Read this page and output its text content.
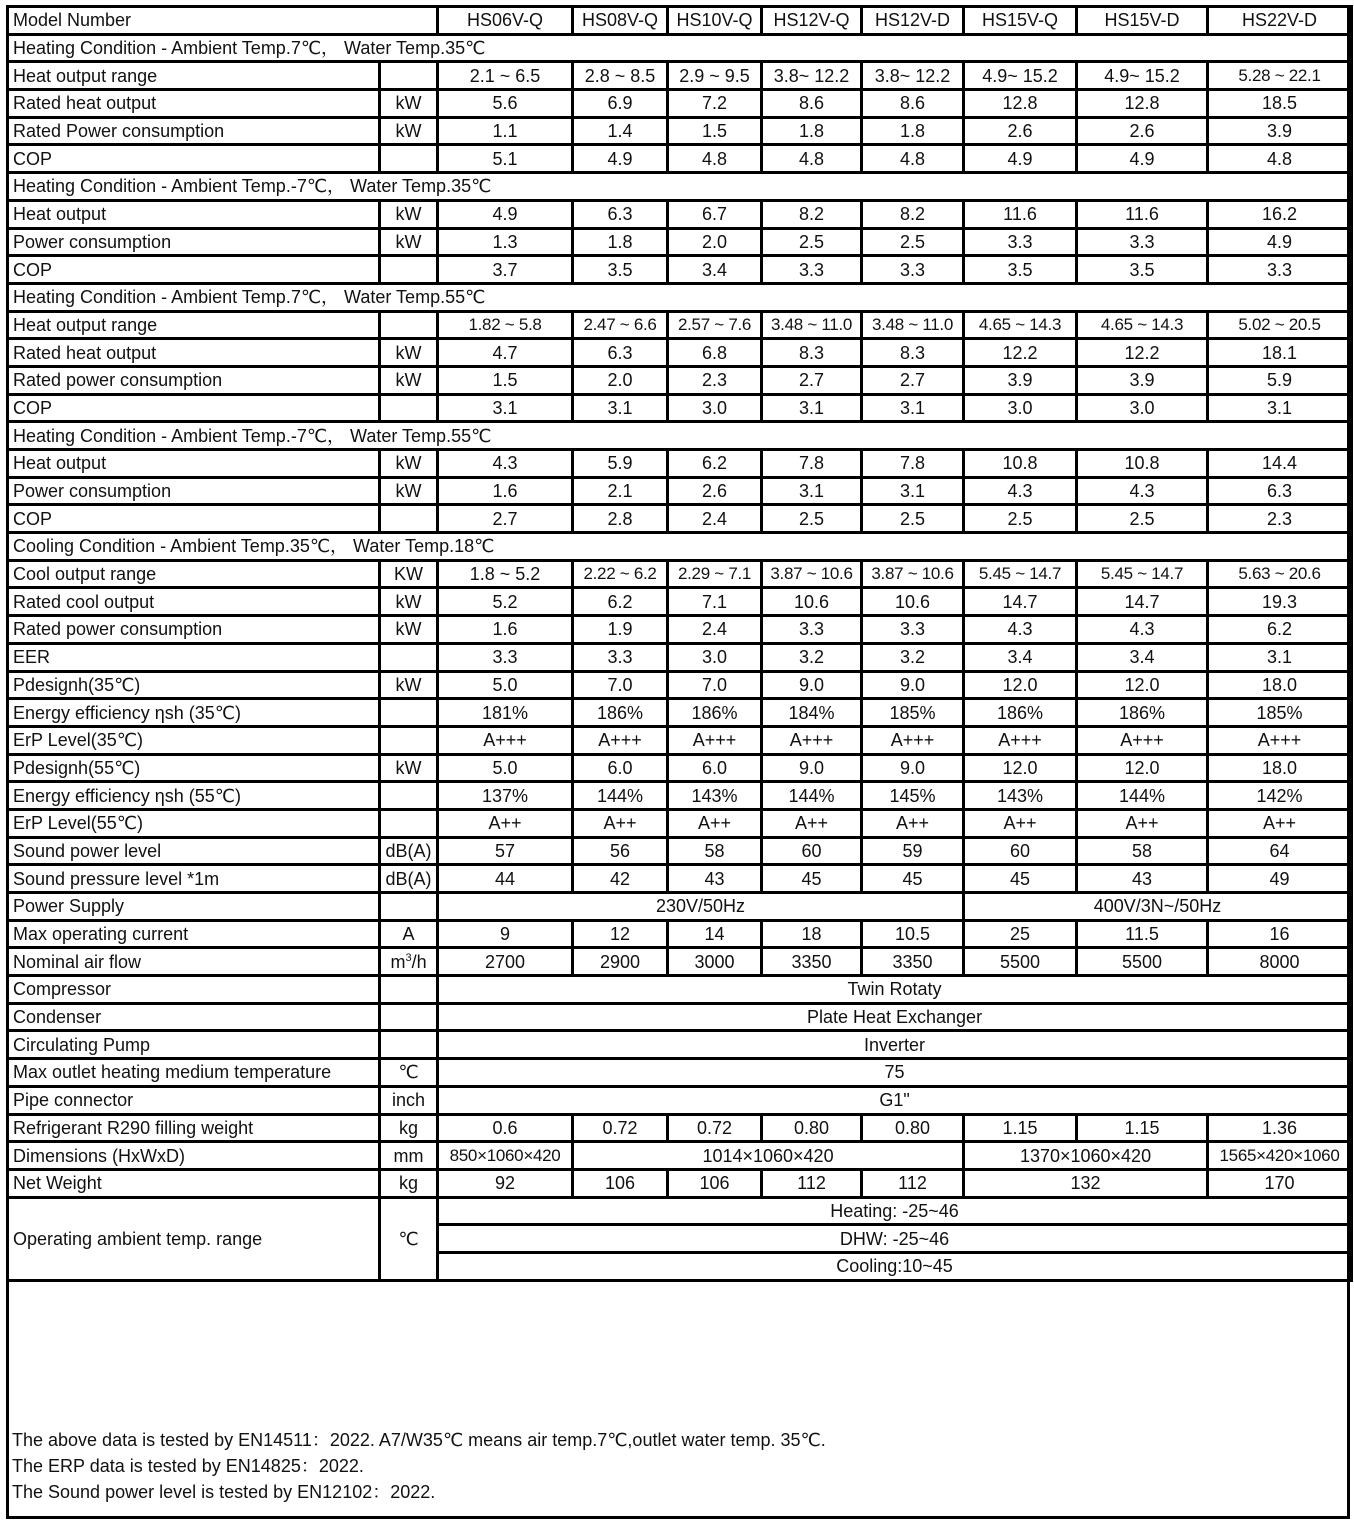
Model Number		HS06V-Q	HS08V-Q	HS10V-Q	HS12V-Q	HS12V-D	HS15V-Q	HS15V-D	HS22V-D
Heating Condition - Ambient Temp.7℃， Water Temp.35℃									
Heat output range		2.1 ~ 6.5	2.8 ~ 8.5	2.9 ~ 9.5	3.8~ 12.2	3.8~ 12.2	4.9~ 15.2	4.9~ 15.2	5.28 ~ 22.1
Rated heat output	kW	5.6	6.9	7.2	8.6	8.6	12.8	12.8	18.5
Rated Power consumption	kW	1.1	1.4	1.5	1.8	1.8	2.6	2.6	3.9
COP		5.1	4.9	4.8	4.8	4.8	4.9	4.9	4.8
Heating Condition - Ambient Temp.-7℃， Water Temp.35℃									
Heat output	kW	4.9	6.3	6.7	8.2	8.2	11.6	11.6	16.2
Power consumption	kW	1.3	1.8	2.0	2.5	2.5	3.3	3.3	4.9
COP		3.7	3.5	3.4	3.3	3.3	3.5	3.5	3.3
Heating Condition - Ambient Temp.7℃， Water Temp.55℃									
Heat output range		1.82 ~ 5.8	2.47 ~ 6.6	2.57 ~ 7.6	3.48 ~ 11.0	3.48 ~ 11.0	4.65 ~ 14.3	4.65 ~ 14.3	5.02 ~ 20.5
Rated heat output	kW	4.7	6.3	6.8	8.3	8.3	12.2	12.2	18.1
Rated power consumption	kW	1.5	2.0	2.3	2.7	2.7	3.9	3.9	5.9
COP		3.1	3.1	3.0	3.1	3.1	3.0	3.0	3.1
Heating Condition - Ambient Temp.-7℃， Water Temp.55℃									
Heat output	kW	4.3	5.9	6.2	7.8	7.8	10.8	10.8	14.4
Power consumption	kW	1.6	2.1	2.6	3.1	3.1	4.3	4.3	6.3
COP		2.7	2.8	2.4	2.5	2.5	2.5	2.5	2.3
Cooling Condition - Ambient Temp.35℃， Water Temp.18℃									
Cool output range	KW	1.8 ~ 5.2	2.22 ~ 6.2	2.29 ~ 7.1	3.87 ~ 10.6	3.87 ~ 10.6	5.45 ~ 14.7	5.45 ~ 14.7	5.63 ~ 20.6
Rated cool output	kW	5.2	6.2	7.1	10.6	10.6	14.7	14.7	19.3
Rated power consumption	kW	1.6	1.9	2.4	3.3	3.3	4.3	4.3	6.2
EER		3.3	3.3	3.0	3.2	3.2	3.4	3.4	3.1
Pdesignh(35℃)	kW	5.0	7.0	7.0	9.0	9.0	12.0	12.0	18.0
Energy efficiency ηsh (35℃)		181%	186%	186%	184%	185%	186%	186%	185%
ErP Level(35℃)		A+++	A+++	A+++	A+++	A+++	A+++	A+++	A+++
Pdesignh(55℃)	kW	5.0	6.0	6.0	9.0	9.0	12.0	12.0	18.0
Energy efficiency ηsh (55℃)		137%	144%	143%	144%	145%	143%	144%	142%
ErP Level(55℃)		A++	A++	A++	A++	A++	A++	A++	A++
Sound power level	dB(A)	57	56	58	60	59	60	58	64
Sound pressure level *1m	dB(A)	44	42	43	45	45	45	43	49
Power Supply		230V/50Hz					400V/3N~/50Hz		
Max operating current	A	9	12	14	18	10.5	25	11.5	16
Nominal air flow	$m^3/h$	2700	2900	3000	3350	3350	5500	5500	8000
Compressor		Twin Rotaty							
Condenser		Plate Heat Exchanger							
Circulating Pump		Inverter							
Max outlet heating medium temperature	℃	75							
Pipe connector	inch	G1"							
Refrigerant R290 filling weight	kg	0.6	0.72	0.72	0.80	0.80	1.15	1.15	1.36
Dimensions (HxWxD)	mm	850×1060×420	1014×1060×420				1370×1060×420		1565×420×1060
Net Weight	kg	92	106	106	112	112	132		170
Operating ambient temp. range	℃	Heating: -25~46							
		DHW: -25~46							
		Cooling:10~45							
The above data is tested by EN14511：2022. A7/W35℃ means air temp.7℃,outlet water temp. 35℃.
The ERP data is tested by EN14825：2022.
The Sound power level is tested by EN12102：2022.
